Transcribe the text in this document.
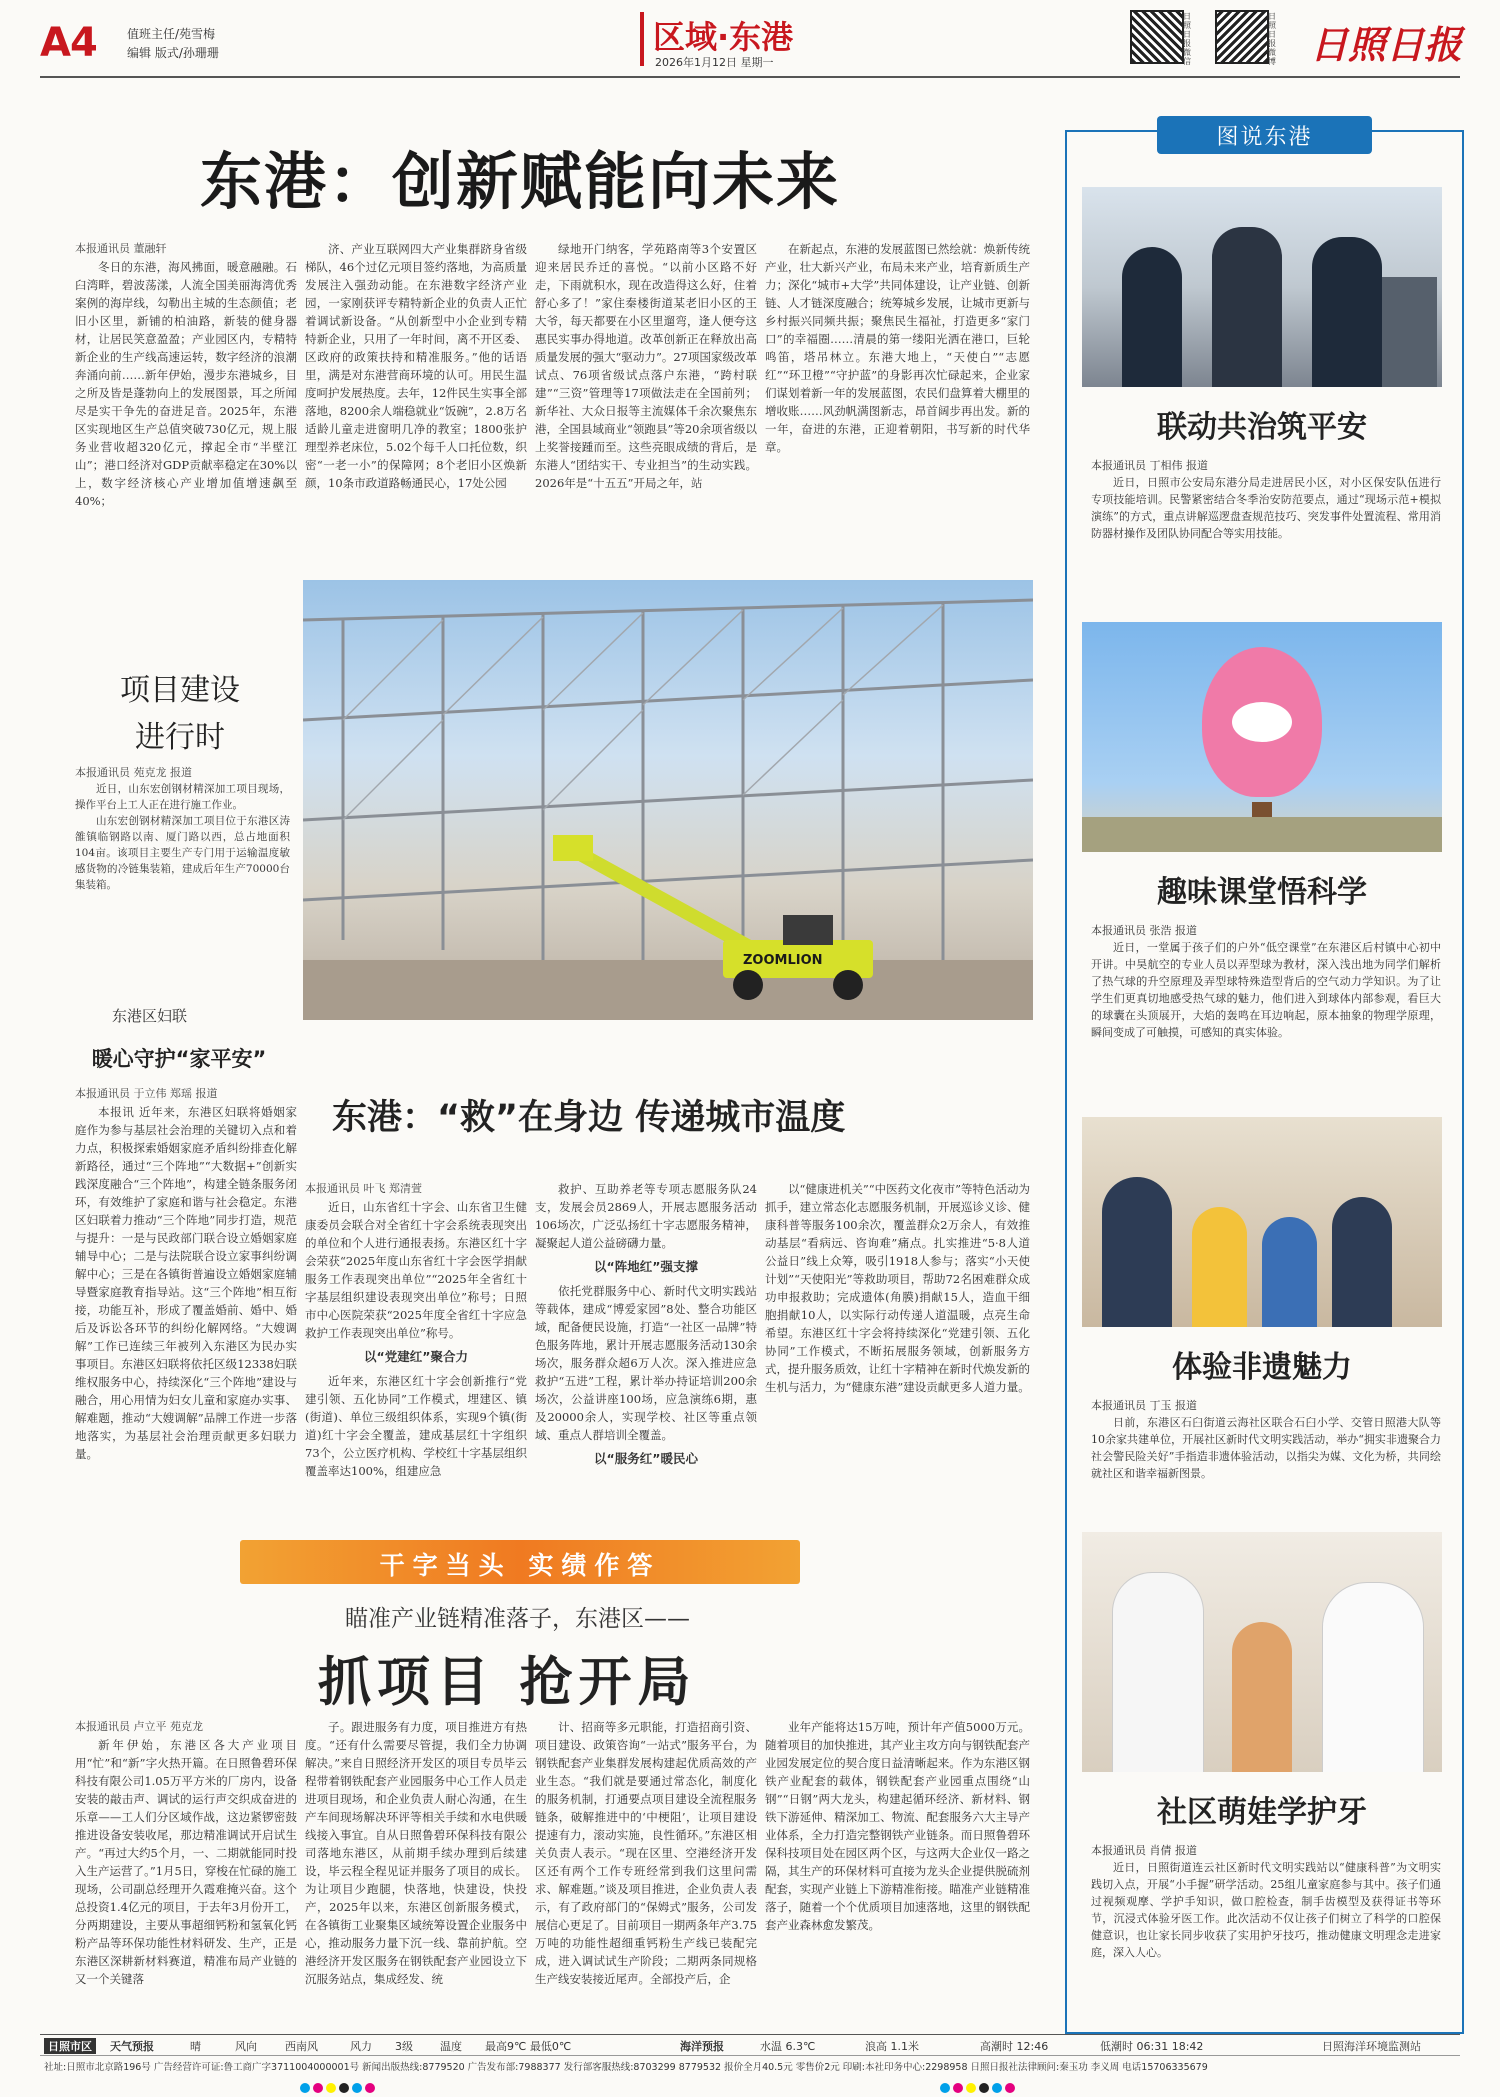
A4	值班主任/苑雪梅
编辑 版式/孙珊珊	区域·东港
2026年1月12日 星期一
日照日报微信
日照日报 微博 日照日报
东港：创新赋能向未来

本报通讯员 董融轩

冬日的东港，海风拂面，暖意融融。石臼湾畔，碧波荡漾，人流全国美丽海湾优秀案例的海岸线，勾勒出主城的生态颜值；老旧小区里，新铺的柏油路，新装的健身器材，让居民笑意盈盈；产业园区内，专精特新企业的生产线高速运转，数字经济的浪潮奔涌向前……新年伊始，漫步东港城乡，目之所及皆是蓬勃向上的发展图景，耳之所闻尽是实干争先的奋进足音。2025年，东港区实现地区生产总值突破730亿元，规上服务业营收超320亿元，撑起全市“半壁江山”；港口经济对GDP贡献率稳定在30%以上，数字经济核心产业增加值增速飙至40%；

济、产业互联网四大产业集群跻身省级梯队，46个过亿元项目签约落地，为高质量发展注入强劲动能。在东港数字经济产业园，一家刚获评专精特新企业的负责人正忙着调试新设备。“从创新型中小企业到专精特新企业，只用了一年时间，离不开区委、区政府的政策扶持和精准服务。”他的话语里，满是对东港营商环境的认可。用民生温度呵护发展热度。去年，12件民生实事全部落地，8200余人端稳就业“饭碗”，2.8万名适龄儿童走进窗明几净的教室；1800张护理型养老床位，5.02个每千人口托位数，织密“一老一小”的保障网；8个老旧小区焕新颜，10条市政道路畅通民心，17处公园

绿地开门纳客，学苑路南等3个安置区迎来居民乔迁的喜悦。“以前小区路不好走，下雨就积水，现在改造得这么好，住着舒心多了！”家住秦楼街道某老旧小区的王大爷，每天都要在小区里遛弯，逢人便夸这惠民实事办得地道。改革创新正在释放出高质量发展的强大“驱动力”。27项国家级改革试点、76项省级试点落户东港，“跨村联建”“三资”管理等17项做法走在全国前列；新华社、大众日报等主流媒体千余次聚焦东港，全国县域商业“领跑县”等20余项省级以上奖誉接踵而至。这些亮眼成绩的背后，是东港人“团结实干、专业担当”的生动实践。2026年是“十五五”开局之年，站

在新起点，东港的发展蓝图已然绘就：焕新传统产业，壮大新兴产业，布局未来产业，培育新质生产力；深化“城市+大学”共同体建设，让产业链、创新链、人才链深度融合；统筹城乡发展，让城市更新与乡村振兴同频共振；聚焦民生福祉，打造更多“家门口”的幸福圈……清晨的第一缕阳光洒在港口，巨轮鸣笛，塔吊林立。东港大地上，“天使白”“志愿红”“环卫橙”“守护蓝”的身影再次忙碌起来，企业家们谋划着新一年的发展蓝图，农民们盘算着大棚里的增收账……风劲帆满图新志，昂首阔步再出发。新的一年，奋进的东港，正迎着朝阳，书写新的时代华章。

ZOOMLION
项目建设
进行时

本报通讯员 苑克龙 报道

近日，山东宏创钢材精深加工项目现场，操作平台上工人正在进行施工作业。

山东宏创钢材精深加工项目位于东港区涛雒镇临钢路以南、厦门路以西，总占地面积104亩。该项目主要生产专门用于运输温度敏感货物的冷链集装箱，建成后年生产70000台集装箱。

东港区妇联
暖心守护“家平安”

本报通讯员 于立伟 郑瑶 报道

本报讯 近年来，东港区妇联将婚姻家庭作为参与基层社会治理的关键切入点和着力点，积极探索婚姻家庭矛盾纠纷排查化解新路径，通过“三个阵地”“大数据+”创新实践深度融合“三个阵地”，构建全链条服务闭环，有效维护了家庭和谐与社会稳定。东港区妇联着力推动“三个阵地”同步打造，规范与提升：一是与民政部门联合设立婚姻家庭辅导中心；二是与法院联合设立家事纠纷调解中心；三是在各镇街普遍设立婚姻家庭辅导暨家庭教育指导站。这“三个阵地”相互衔接，功能互补，形成了覆盖婚前、婚中、婚后及诉讼各环节的纠纷化解网络。“大嫂调解”工作已连续三年被列入东港区为民办实事项目。东港区妇联将依托区级12338妇联维权服务中心，持续深化“三个阵地”建设与融合，用心用情为妇女儿童和家庭办实事、解难题，推动“大嫂调解”品牌工作进一步落地落实，为基层社会治理贡献更多妇联力量。

东港：“救”在身边 传递城市温度

本报通讯员 叶飞 郑清萱

近日，山东省红十字会、山东省卫生健康委员会联合对全省红十字会系统表现突出的单位和个人进行通报表扬。东港区红十字会荣获“2025年度山东省红十字会医学捐献服务工作表现突出单位”“2025年全省红十字基层组织建设表现突出单位”称号；日照市中心医院荣获“2025年度全省红十字应急救护工作表现突出单位”称号。

以“党建红”聚合力

近年来，东港区红十字会创新推行“党建引领、五化协同”工作模式，埋建区、镇(街道)、单位三级组织体系，实现9个镇(街道)红十字会全覆盖，建成基层红十字组织73个，公立医疗机构、学校红十字基层组织覆盖率达100%，组建应急

救护、互助养老等专项志愿服务队24支，发展会员2869人，开展志愿服务活动106场次，广泛弘扬红十字志愿服务精神，凝聚起人道公益磅礴力量。

以“阵地红”强支撑

依托党群服务中心、新时代文明实践站等载体，建成“博爱家园”8处、整合功能区域，配备便民设施，打造“一社区一品牌”特色服务阵地，累计开展志愿服务活动130余场次，服务群众超6万人次。深入推进应急救护“五进”工程，累计举办持证培训200余场次，公益讲座100场，应急演练6期，惠及20000余人，实现学校、社区等重点领域、重点人群培训全覆盖。

以“服务红”暖民心

以“健康进机关”“中医药文化夜市”等特色活动为抓手，建立常态化志愿服务机制，开展巡诊义诊、健康科普等服务100余次，覆盖群众2万余人，有效推动基层“看病远、咨询难”痛点。扎实推进“5·8人道公益日”线上众筹，吸引1918人参与；落实“小天使计划”“天使阳光”等救助项目，帮助72名困难群众成功申报救助；完成遗体(角膜)捐献15人，造血干细胞捐献10人，以实际行动传递人道温暖，点亮生命希望。东港区红十字会将持续深化“党建引领、五化协同”工作模式，不断拓展服务领域，创新服务方式，提升服务质效，让红十字精神在新时代焕发新的生机与活力，为“健康东港”建设贡献更多人道力量。

干字当头 实绩作答
瞄准产业链精准落子，东港区——
抓项目 抢开局

本报通讯员 卢立平 苑克龙

新年伊始，东港区各大产业项目用“忙”和“新”字火热开篇。在日照鲁碧环保科技有限公司1.05万平方米的厂房内，设备安装的敲击声、调试的运行声交织成奋进的乐章——工人们分区域作战，这边紧锣密鼓推进设备安装收尾，那边精准调试开启试生产。“再过大约5个月，一、二期就能同时投入生产运营了。”1月5日，穿梭在忙碌的施工现场，公司副总经理开久霞难掩兴奋。这个总投资1.4亿元的项目，于去年3月份开工，分两期建设，主要从事超细钙粉和氢氧化钙粉产品等环保功能性材料研发、生产，正是东港区深耕新材料赛道，精准布局产业链的又一个关键落

子。跟进服务有力度，项目推进方有热度。“还有什么需要尽管提，我们全力协调解决。”来自日照经济开发区的项目专员毕云程带着钢铁配套产业园服务中心工作人员走进项目现场，和企业负责人耐心沟通，在生产车间现场解决环评等相关手续和水电供暖线接入事宜。自从日照鲁碧环保科技有限公司落地东港区，从前期手续办理到后续建设，毕云程全程见证并服务了项目的成长。为让项目少跑腿，快落地，快建设，快投产，2025年以来，东港区创新服务模式，在各镇街工业聚集区域统筹设置企业服务中心，推动服务力量下沉一线、靠前护航。空港经济开发区服务在钢铁配套产业园设立下沉服务站点，集成经发、统

计、招商等多元职能，打造招商引资、项目建设、政策咨询“一站式”服务平台，为钢铁配套产业集群发展构建起优质高效的产业生态。“我们就是要通过常态化，制度化的服务机制，打通要点项目建设全流程服务链条，破解推进中的‘中梗阻’，让项目建设提速有力，滚动实施，良性循环。”东港区相关负责人表示。“现在区里、空港经济开发区还有两个工作专班经常到我们这里问需求、解难题。”谈及项目推进，企业负责人表示，有了政府部门的“保姆式”服务，公司发展信心更足了。目前项目一期两条年产3.75万吨的功能性超细重钙粉生产线已装配完成，进入调试试生产阶段；二期两条同规格生产线安装接近尾声。全部投产后，企

业年产能将达15万吨，预计年产值5000万元。随着项目的加快推进，其产业主攻方向与钢铁配套产业园发展定位的契合度日益清晰起来。作为东港区钢铁产业配套的载体，钢铁配套产业园重点围绕“山钢”“日钢”两大龙头，构建起循环经济、新材料、钢铁下游延伸、精深加工、物流、配套服务六大主导产业体系，全力打造完整钢铁产业链条。而日照鲁碧环保科技项目处在园区两个区，与这两大企业仅一路之隔，其生产的环保材料可直接为龙头企业提供脱硫剂配套，实现产业链上下游精准衔接。瞄准产业链精准落子，随着一个个优质项目加速落地，这里的钢铁配套产业森林愈发繁茂。

图说东港
联动共治筑平安

本报通讯员 丁相伟 报道

近日，日照市公安局东港分局走进居民小区，对小区保安队伍进行专项技能培训。民警紧密结合冬季治安防范要点，通过“现场示范+模拟演练”的方式，重点讲解巡逻盘查规范技巧、突发事件处置流程、常用消防器材操作及团队协同配合等实用技能。

趣味课堂悟科学

本报通讯员 张浩 报道

近日，一堂属于孩子们的户外“低空课堂”在东港区后村镇中心初中开讲。中昊航空的专业人员以弄型球为教材，深入浅出地为同学们解析了热气球的升空原理及弄型球特殊造型背后的空气动力学知识。为了让学生们更真切地感受热气球的魅力，他们进入到球体内部参观，看巨大的球囊在头顶展开，大焰的轰鸣在耳边响起，原本抽象的物理学原理，瞬间变成了可触摸，可感知的真实体验。

体验非遗魅力

本报通讯员 丁玉 报道

日前，东港区石臼街道云海社区联合石臼小学、交管日照港大队等10余家共建单位，开展社区新时代文明实践活动，举办“拥实非遗聚合力 社会警民险关好”手指造非遗体验活动，以指尖为媒、文化为桥，共同绘就社区和谐幸福新图景。

社区萌娃学护牙

本报通讯员 肖倩 报道

近日，日照街道连云社区新时代文明实践站以“健康科普”为文明实践切入点，开展“小手握”研学活动。25组儿童家庭参与其中。孩子们通过视频观摩、学护手知识，做口腔检查，制手齿模型及获得证书等环节，沉浸式体验牙医工作。此次活动不仅让孩子们树立了科学的口腔保健意识，也让家长同步收获了实用护牙技巧，推动健康文明理念走进家庭，深入人心。

日照市区	天气预报	晴	风向	西南风	风力 3级 温度 最高9℃ 最低0℃	海洋预报	水温 6.3℃	浪高 1.1米	高潮时 12:46	低潮时 06:31 18:42	日照海洋环境监测站
社址:日照市北京路196号 广告经营许可证:鲁工商广字3711004000001号 新闻出版热线:8779520 广告发布部:7988377 发行部客服热线:8703299 8779532 报价全月40.5元 零售价2元 印刷:本社印务中心:2298958 日照日报社法律顾问:秦玉功 李义周 电话15706335679
